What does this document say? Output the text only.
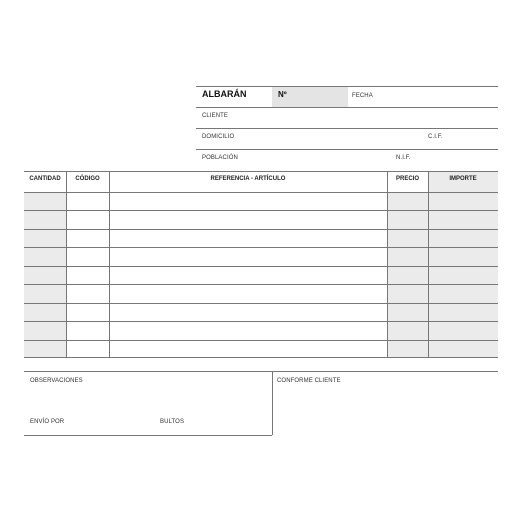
ALBARÁN	Nº	FECHA
CLIENTE
DOMICILIO	C.I.F.
POBLACIÓN	N.I.F.
CANTIDAD	CÓDIGO	REFERENCIA - ARTÍCULO	PRECIO	IMPORTE
OBSERVACIONES	CONFORME CLIENTE
ENVÍO POR	BULTOS
